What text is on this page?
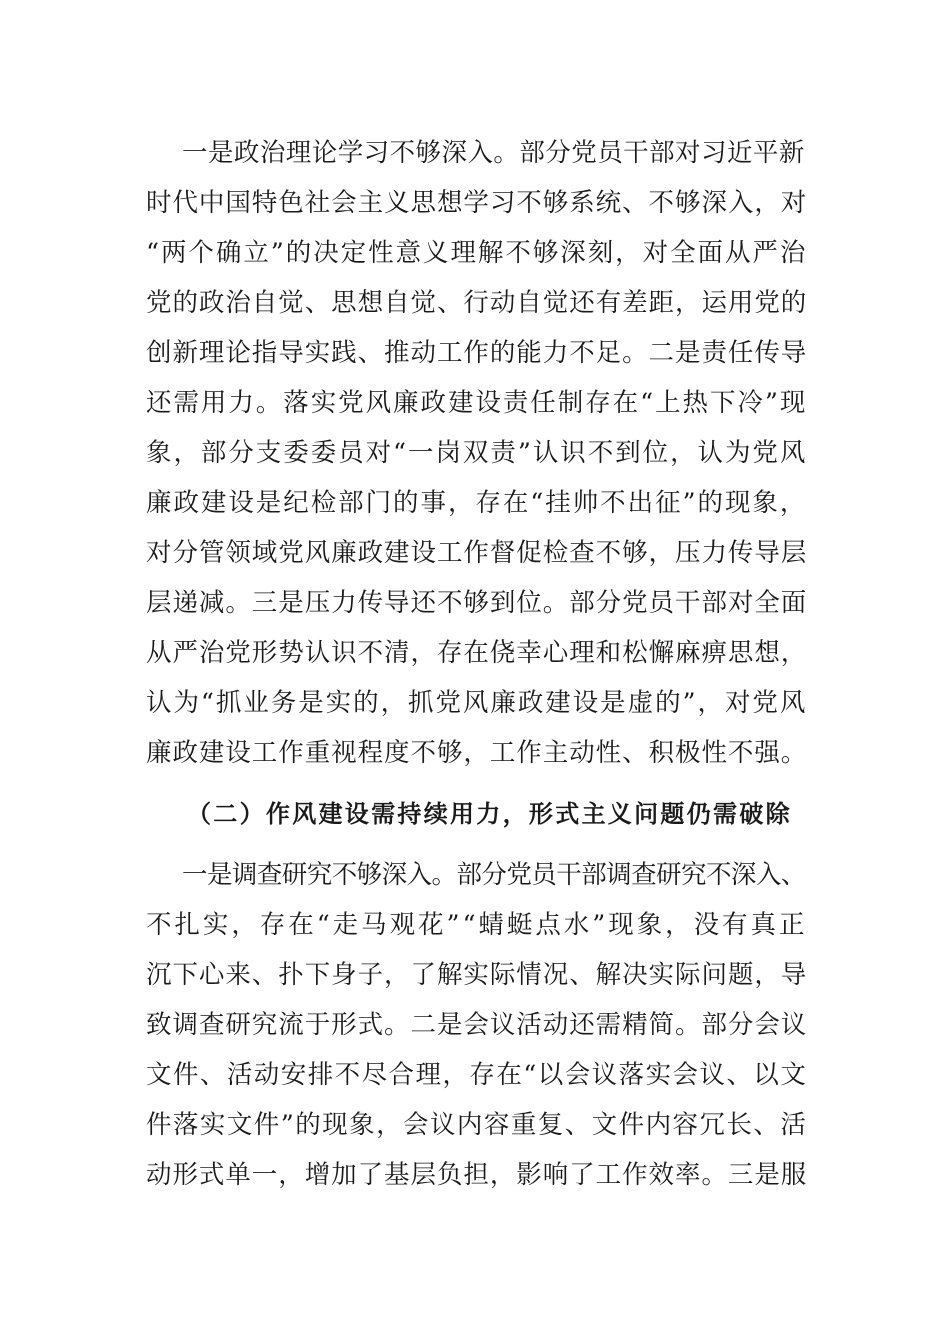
一是政治理论学习不够深入。部分党员干部对习近平新
时代中国特色社会主义思想学习不够系统、不够深入，对
“两个确立”的决定性意义理解不够深刻，对全面从严治
党的政治自觉、思想自觉、行动自觉还有差距，运用党的
创新理论指导实践、推动工作的能力不足。二是责任传导
还需用力。落实党风廉政建设责任制存在“上热下冷”现
象，部分支委委员对“一岗双责”认识不到位，认为党风
廉政建设是纪检部门的事，存在“挂帅不出征”的现象，
对分管领域党风廉政建设工作督促检查不够，压力传导层
层递减。三是压力传导还不够到位。部分党员干部对全面
从严治党形势认识不清，存在侥幸心理和松懈麻痹思想，
认为“抓业务是实的，抓党风廉政建设是虚的”，对党风
廉政建设工作重视程度不够，工作主动性、积极性不强。
（二）作风建设需持续用力，形式主义问题仍需破除
一是调查研究不够深入。部分党员干部调查研究不深入、
不扎实，存在“走马观花”“蜻蜓点水”现象，没有真正
沉下心来、扑下身子，了解实际情况、解决实际问题，导
致调查研究流于形式。二是会议活动还需精简。部分会议
文件、活动安排不尽合理，存在“以会议落实会议、以文
件落实文件”的现象，会议内容重复、文件内容冗长、活
动形式单一，增加了基层负担，影响了工作效率。三是服
